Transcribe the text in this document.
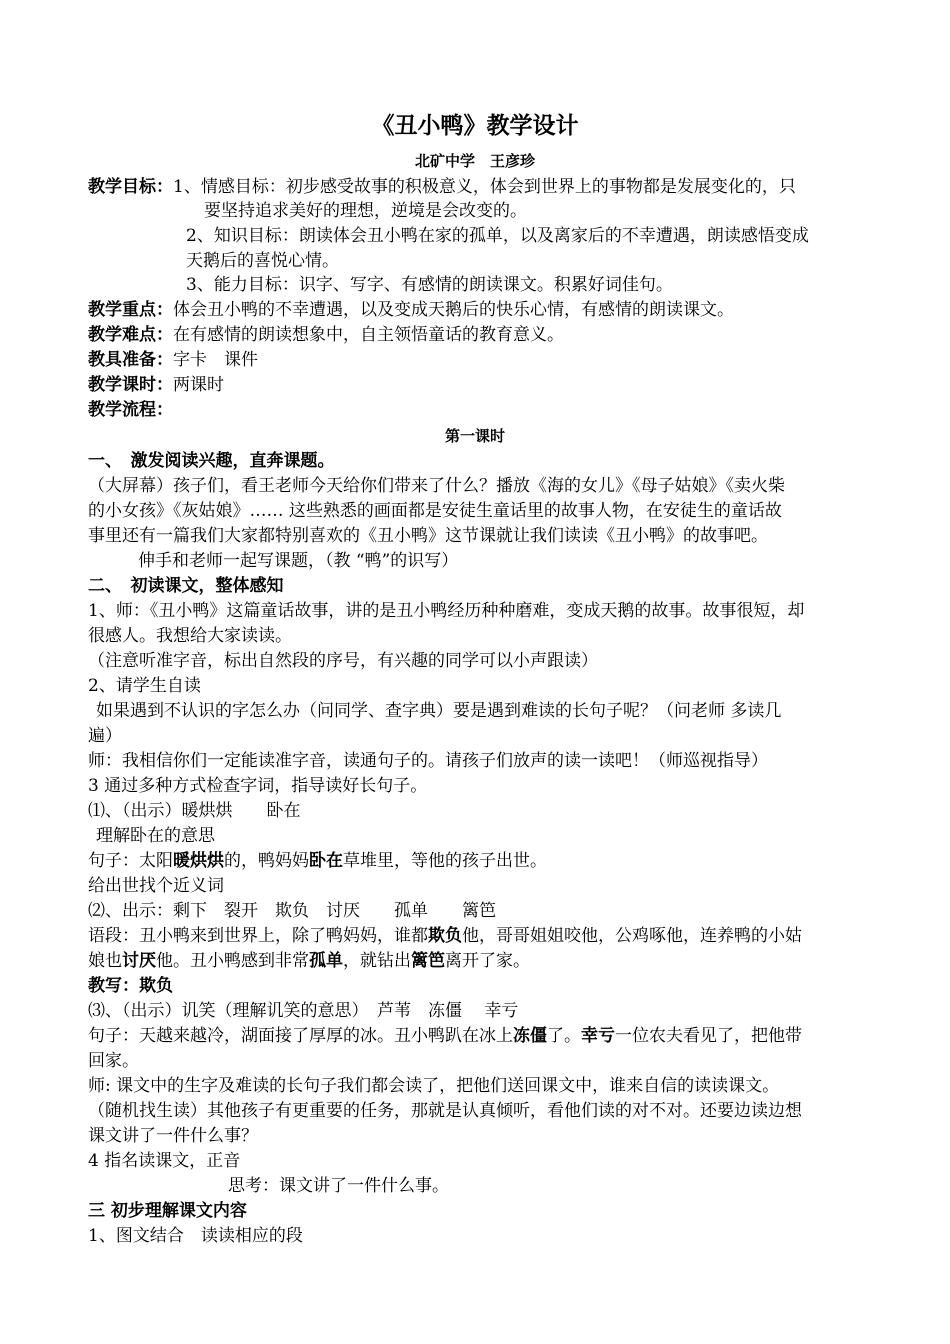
《丑小鸭》教学设计
北矿中学　王彦珍
教学目标：1、情感目标：初步感受故事的积极意义，体会到世界上的事物都是发展变化的，只
要坚持追求美好的理想，逆境是会改变的。
2、知识目标：朗读体会丑小鸭在家的孤单，以及离家后的不幸遭遇，朗读感悟变成
天鹅后的喜悦心情。
3、能力目标：识字、写字、有感情的朗读课文。积累好词佳句。
教学重点：体会丑小鸭的不幸遭遇，以及变成天鹅后的快乐心情，有感情的朗读课文。
教学难点：在有感情的朗读想象中，自主领悟童话的教育意义。
教具准备：字卡　课件
教学课时：两课时
教学流程：
第一课时
一、　激发阅读兴趣，直奔课题。
（大屏幕）孩子们，看王老师今天给你们带来了什么？播放《海的女儿》《母子姑娘》《卖火柴
的小女孩》《灰姑娘》…… 这些熟悉的画面都是安徒生童话里的故事人物，在安徒生的童话故
事里还有一篇我们大家都特别喜欢的《丑小鸭》这节课就让我们读读《丑小鸭》的故事吧。
伸手和老师一起写课题，（教 “鸭”的识写）
二、　初读课文，整体感知
1、师：《丑小鸭》这篇童话故事，讲的是丑小鸭经历种种磨难，变成天鹅的故事。故事很短，却
很感人。我想给大家读读。
（注意听准字音，标出自然段的序号，有兴趣的同学可以小声跟读）
2、请学生自读
如果遇到不认识的字怎么办（问同学、查字典）要是遇到难读的长句子呢？（问老师 多读几
遍）
师：我相信你们一定能读准字音，读通句子的。请孩子们放声的读一读吧！（师巡视指导）
3 通过多种方式检查字词，指导读好长句子。
⑴、（出示）暖烘烘　　卧在
理解卧在的意思
句子：太阳暖烘烘的，鸭妈妈卧在草堆里，等他的孩子出世。
给出世找个近义词
⑵、出示：剩下　裂开　欺负　讨厌　　孤单　　篱笆
语段：丑小鸭来到世界上，除了鸭妈妈，谁都欺负他，哥哥姐姐咬他，公鸡啄他，连养鸭的小姑
娘也讨厌他。丑小鸭感到非常孤单，就钻出篱笆离开了家。
教写：欺负
⑶、（出示）讥笑（理解讥笑的意思）　芦苇　冻僵　 幸亏
句子：天越来越冷，湖面接了厚厚的冰。丑小鸭趴在冰上冻僵了。幸亏一位农夫看见了，把他带
回家。
师: 课文中的生字及难读的长句子我们都会读了，把他们送回课文中，谁来自信的读读课文。
（随机找生读）其他孩子有更重要的任务，那就是认真倾听，看他们读的对不对。还要边读边想
课文讲了一件什么事？
4 指名读课文，正音
思考：课文讲了一件什么事。
三 初步理解课文内容
1、图文结合　读读相应的段
